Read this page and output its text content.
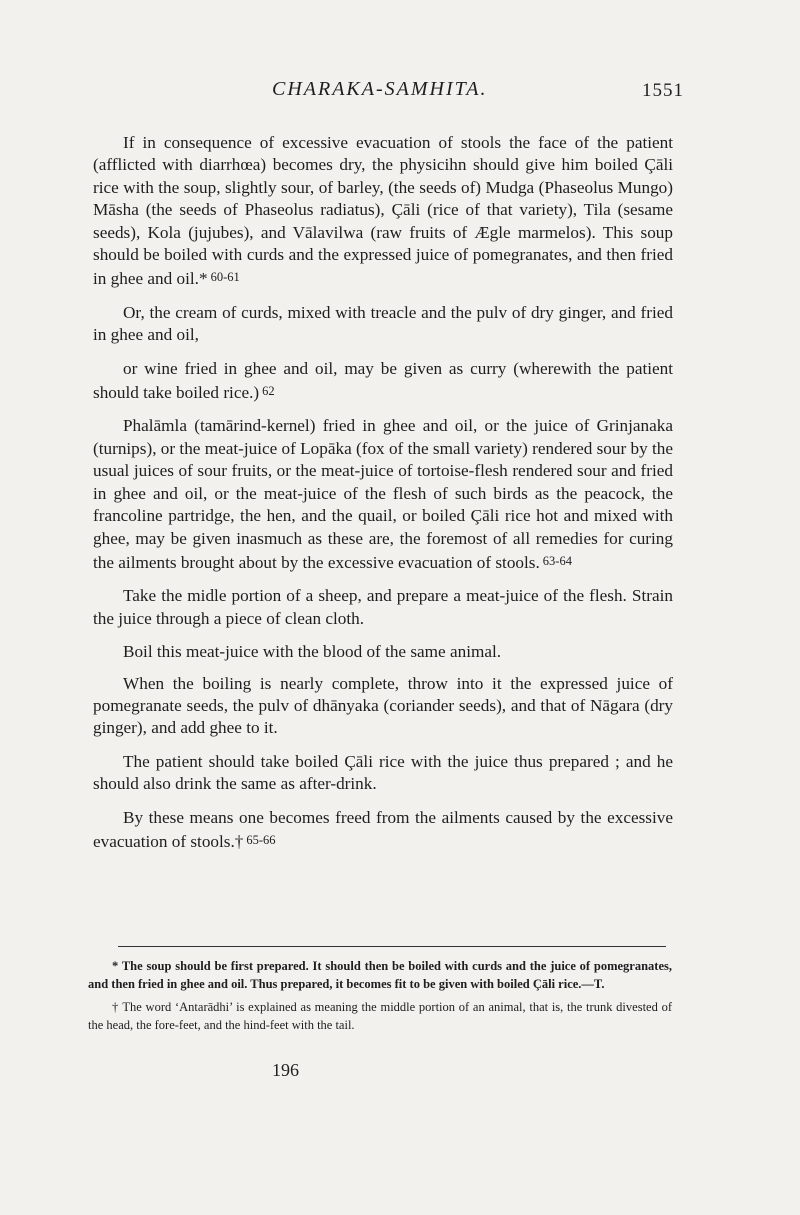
CHARAKA-SAMHITA.	1551

If in consequence of excessive evacuation of stools the face of the patient (afflicted with diarrhœa) becomes dry, the physicihn should give him boiled Çāli rice with the soup, slightly sour, of barley, (the seeds of) Mudga (Phaseolus Mungo) Māsha (the seeds of Phaseolus radiatus), Çāli (rice of that variety), Tila (sesame seeds), Kola (jujubes), and Vālavilwa (raw fruits of Ægle marmelos). This soup should be boiled with curds and the expressed juice of pomegranates, and then fried in ghee and oil.* 60-61

Or, the cream of curds, mixed with treacle and the pulv of dry ginger, and fried in ghee and oil,

or wine fried in ghee and oil, may be given as curry (wherewith the patient should take boiled rice.) 62

Phalāmla (tamārind-kernel) fried in ghee and oil, or the juice of Grinjanaka (turnips), or the meat-juice of Lopāka (fox of the small variety) rendered sour by the usual juices of sour fruits, or the meat-juice of tortoise-flesh rendered sour and fried in ghee and oil, or the meat-juice of the flesh of such birds as the peacock, the francoline partridge, the hen, and the quail, or boiled Çāli rice hot and mixed with ghee, may be given inasmuch as these are, the foremost of all remedies for curing the ailments brought about by the excessive evacuation of stools. 63-64

Take the midle portion of a sheep, and prepare a meat-juice of the flesh. Strain the juice through a piece of clean cloth.

Boil this meat-juice with the blood of the same animal.

When the boiling is nearly complete, throw into it the expressed juice of pomegranate seeds, the pulv of dhānyaka (coriander seeds), and that of Nāgara (dry ginger), and add ghee to it.

The patient should take boiled Çāli rice with the juice thus prepared ; and he should also drink the same as after-drink.

By these means one becomes freed from the ailments caused by the excessive evacuation of stools.† 65-66

* The soup should be first prepared. It should then be boiled with curds and the juice of pomegranates, and then fried in ghee and oil. Thus prepared, it becomes fit to be given with boiled Çāli rice.—T.

† The word ‘Antarādhi’ is explained as meaning the middle portion of an animal, that is, the trunk divested of the head, the fore-feet, and the hind-feet with the tail.

196
